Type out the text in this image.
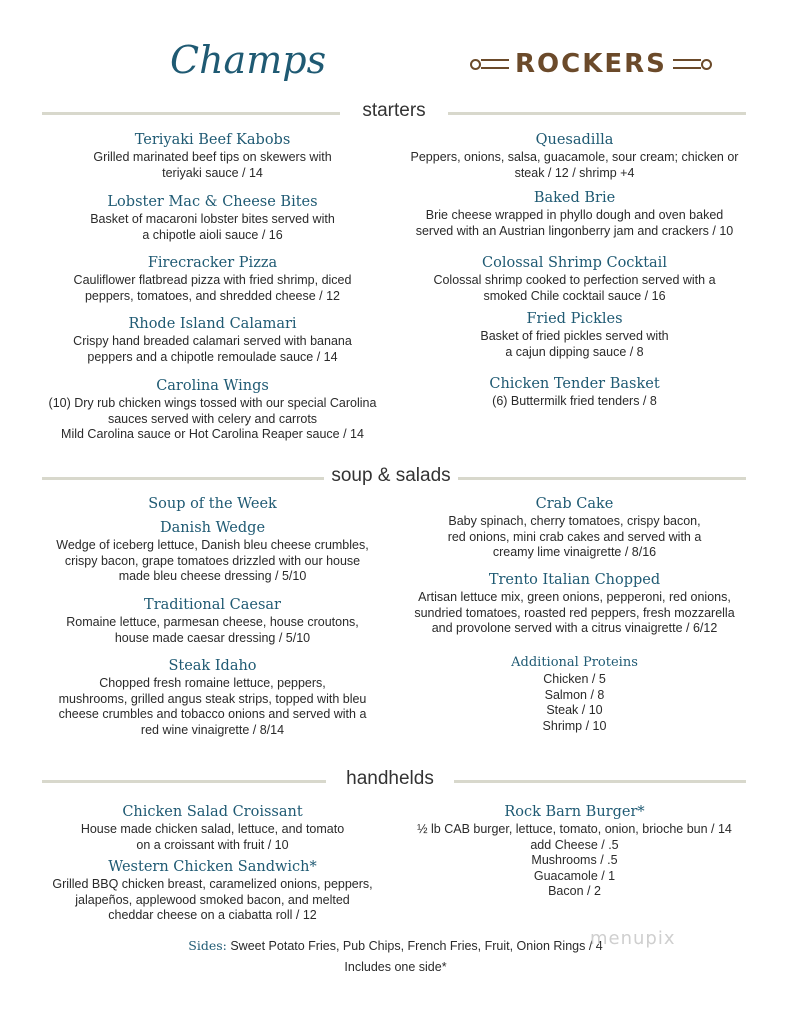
Champs	ROCKERS
starters
soup & salads
handhelds
Teriyaki Beef Kabobs
Grilled marinated beef tips on skewers with
teriyaki sauce / 14
Lobster Mac & Cheese Bites
Basket of macaroni lobster bites served with
a chipotle aioli sauce / 16
Firecracker Pizza
Cauliflower flatbread pizza with fried shrimp, diced
peppers, tomatoes, and shredded cheese / 12
Rhode Island Calamari
Crispy hand breaded calamari served with banana
peppers and a chipotle remoulade sauce / 14
Carolina Wings
(10) Dry rub chicken wings tossed with our special Carolina
sauces served with celery and carrots
Mild Carolina sauce or Hot Carolina Reaper sauce / 14
Quesadilla
Peppers, onions, salsa, guacamole, sour cream; chicken or
steak / 12 / shrimp +4
Baked Brie
Brie cheese wrapped in phyllo dough and oven baked
served with an Austrian lingonberry jam and crackers / 10
Colossal Shrimp Cocktail
Colossal shrimp cooked to perfection served with a
smoked Chile cocktail sauce / 16
Fried Pickles
Basket of fried pickles served with
a cajun dipping sauce / 8
Chicken Tender Basket
(6) Buttermilk fried tenders / 8
Soup of the Week
Danish Wedge
Wedge of iceberg lettuce, Danish bleu cheese crumbles,
crispy bacon, grape tomatoes drizzled with our house
made bleu cheese dressing / 5/10
Traditional Caesar
Romaine lettuce, parmesan cheese, house croutons,
house made caesar dressing / 5/10
Steak Idaho
Chopped fresh romaine lettuce, peppers,
mushrooms, grilled angus steak strips, topped with bleu
cheese crumbles and tobacco onions and served with a
red wine vinaigrette / 8/14
Crab Cake
Baby spinach, cherry tomatoes, crispy bacon,
red onions, mini crab cakes and served with a
creamy lime vinaigrette / 8/16
Trento Italian Chopped
Artisan lettuce mix, green onions, pepperoni, red onions,
sundried tomatoes, roasted red peppers, fresh mozzarella
and provolone served with a citrus vinaigrette / 6/12
Additional Proteins
Chicken / 5
Salmon / 8
Steak / 10
Shrimp / 10
Chicken Salad Croissant
House made chicken salad, lettuce, and tomato
on a croissant with fruit / 10
Western Chicken Sandwich*
Grilled BBQ chicken breast, caramelized onions, peppers,
jalapeños, applewood smoked bacon, and melted
cheddar cheese on a ciabatta roll / 12
Rock Barn Burger*
½ lb CAB burger, lettuce, tomato, onion, brioche bun / 14
add Cheese / .5
Mushrooms / .5
Guacamole / 1
Bacon / 2
Sides: Sweet Potato Fries, Pub Chips, French Fries, Fruit, Onion Rings / 4
Includes one side*
menupix
